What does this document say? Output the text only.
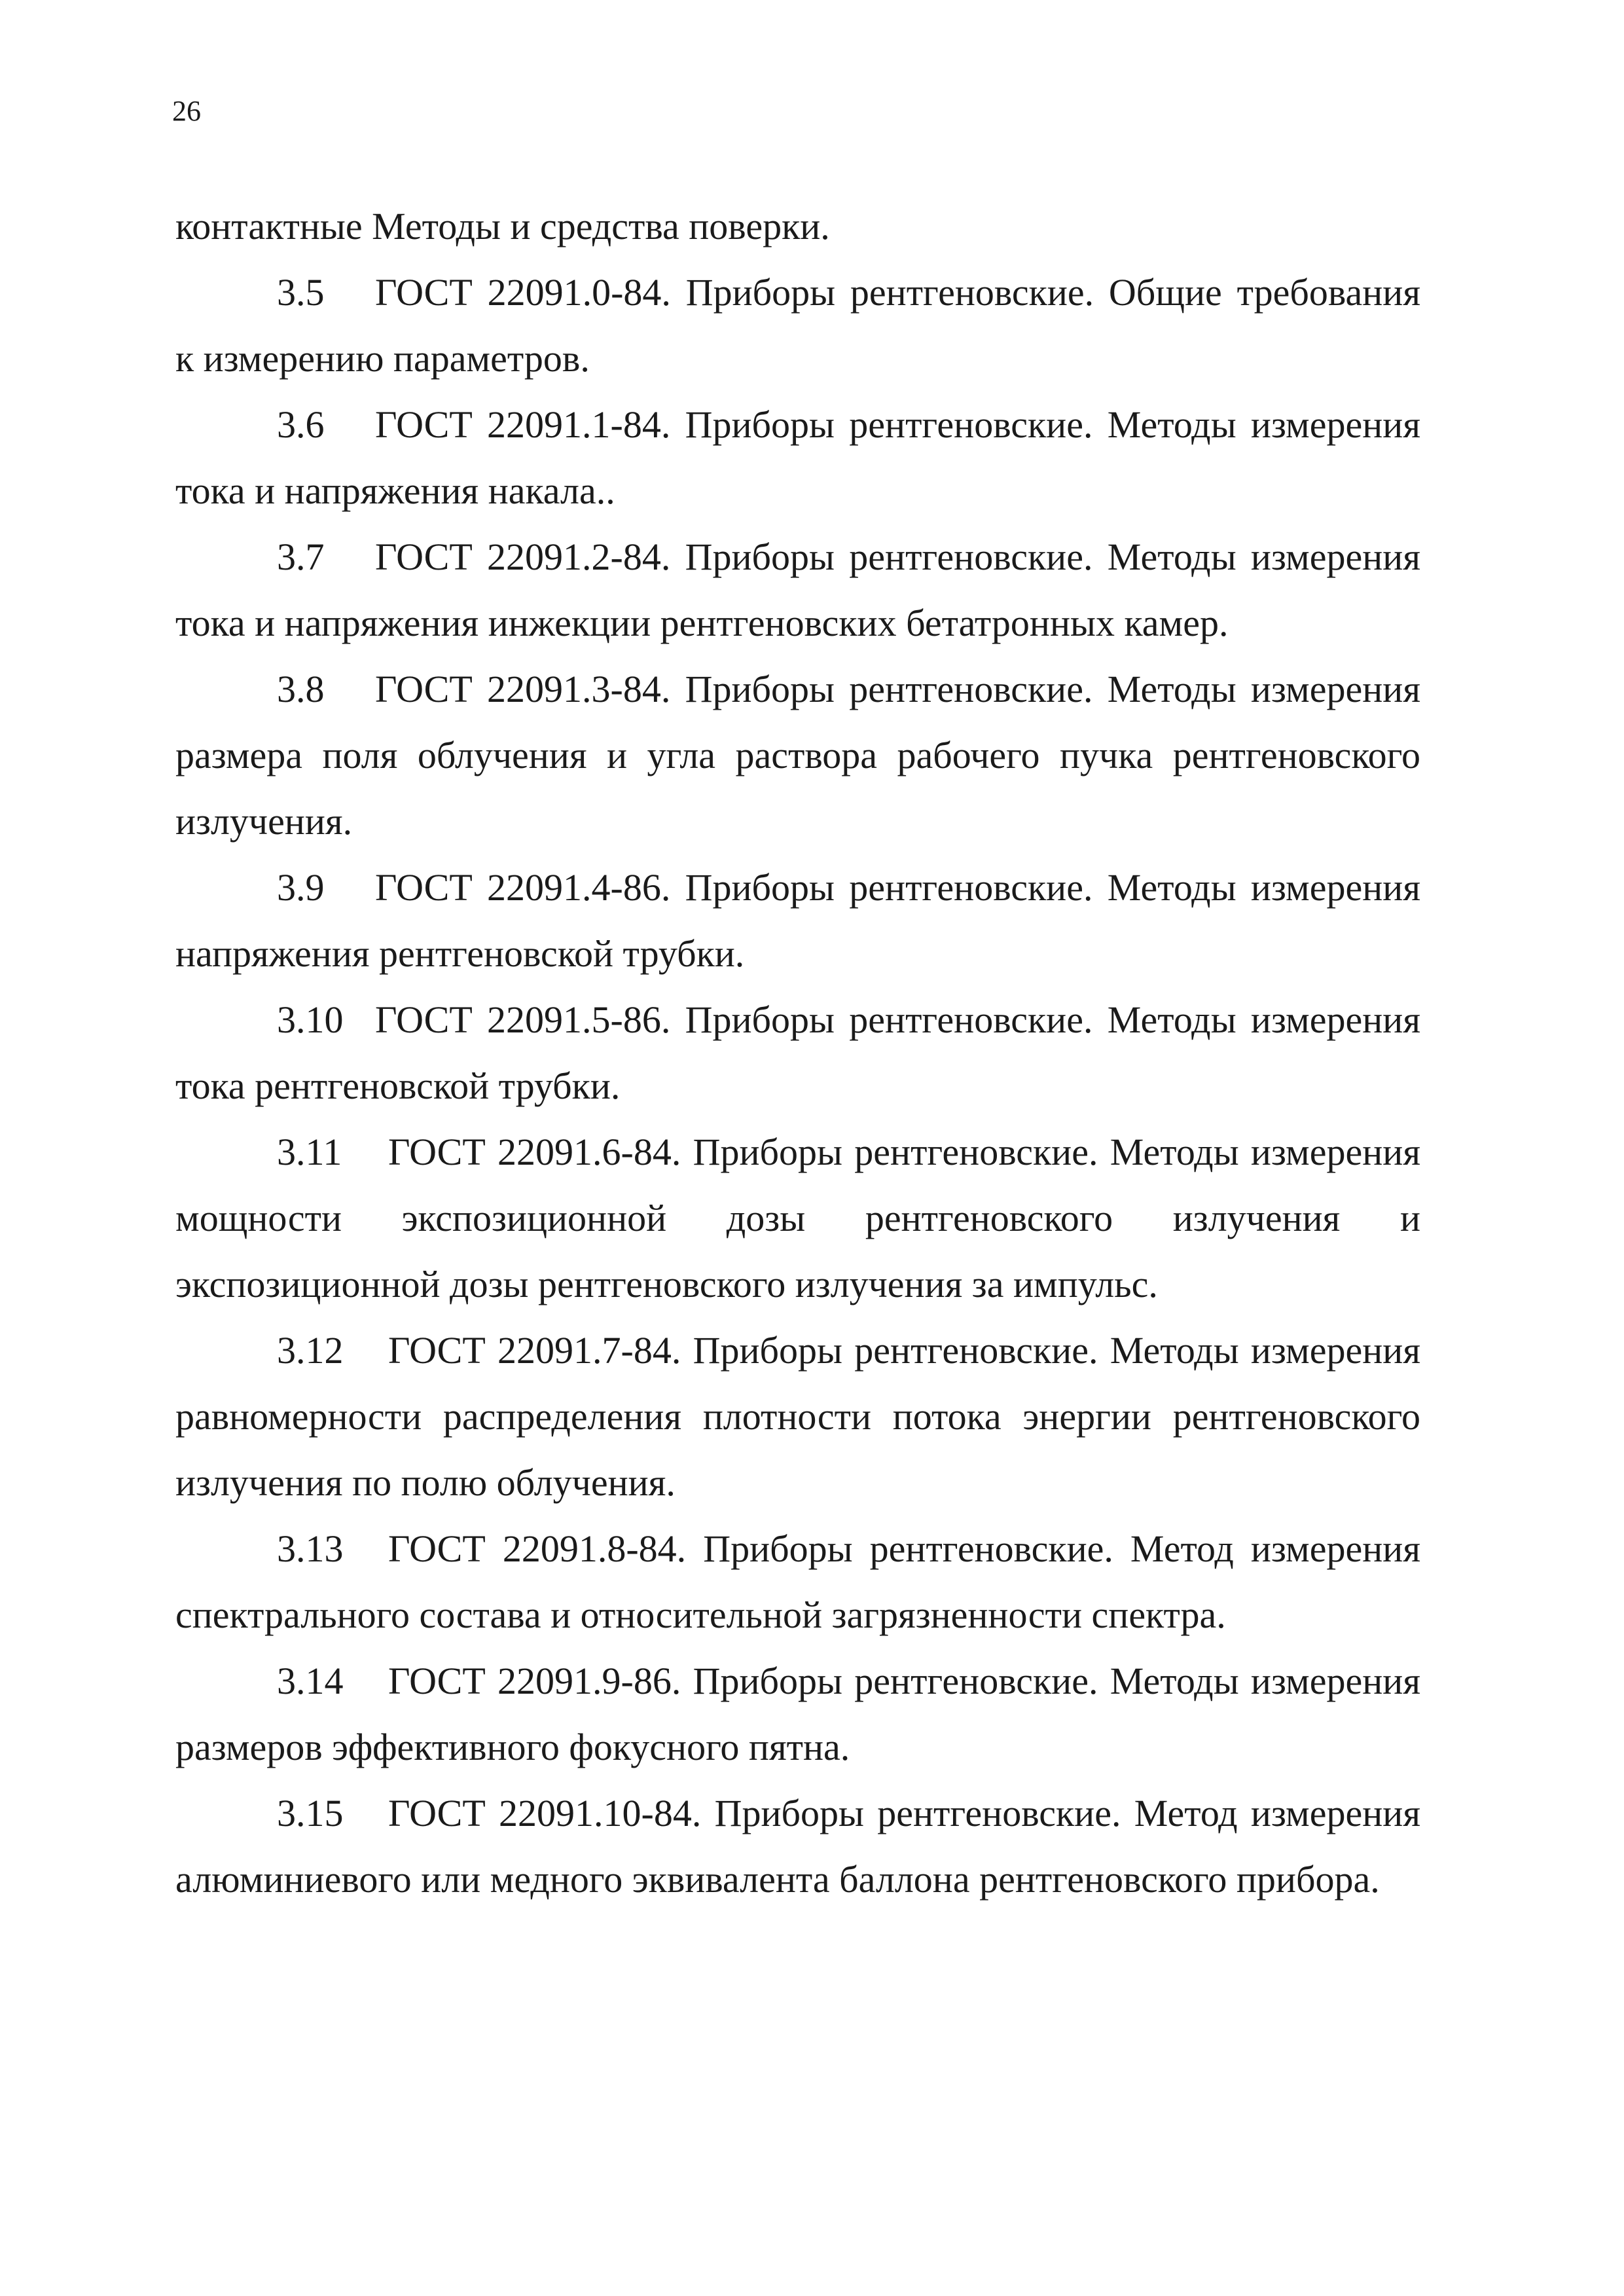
26

контактные Методы и средства поверки.

3.5 ГОСТ 22091.0-84. Приборы рентгеновские. Общие требования к измерению параметров.

3.6 ГОСТ 22091.1-84. Приборы рентгеновские. Методы измерения тока и напряжения накала..

3.7 ГОСТ 22091.2-84. Приборы рентгеновские. Методы измерения тока и напряжения инжекции рентгеновских бетатронных камер.

3.8 ГОСТ 22091.3-84. Приборы рентгеновские. Методы измерения размера поля облучения и угла раствора рабочего пучка рентгеновского излучения.

3.9 ГОСТ 22091.4-86. Приборы рентгеновские. Методы измерения напряжения рентгеновской трубки.

3.10 ГОСТ 22091.5-86. Приборы рентгеновские. Методы измерения тока рентгеновской трубки.

3.11 ГОСТ 22091.6-84. Приборы рентгеновские. Методы измерения мощности экспозиционной дозы рентгеновского излучения и экспозиционной дозы рентгеновского излучения за импульс.

3.12 ГОСТ 22091.7-84. Приборы рентгеновские. Методы измерения равномерности распределения плотности потока энергии рентгеновского излучения по полю облучения.

3.13 ГОСТ 22091.8-84. Приборы рентгеновские. Метод измерения спектрального состава и относительной загрязненности спектра.

3.14 ГОСТ 22091.9-86. Приборы рентгеновские. Методы измерения размеров эффективного фокусного пятна.

3.15 ГОСТ 22091.10-84. Приборы рентгеновские. Метод измерения алюминиевого или медного эквивалента баллона рентгеновского прибора.
